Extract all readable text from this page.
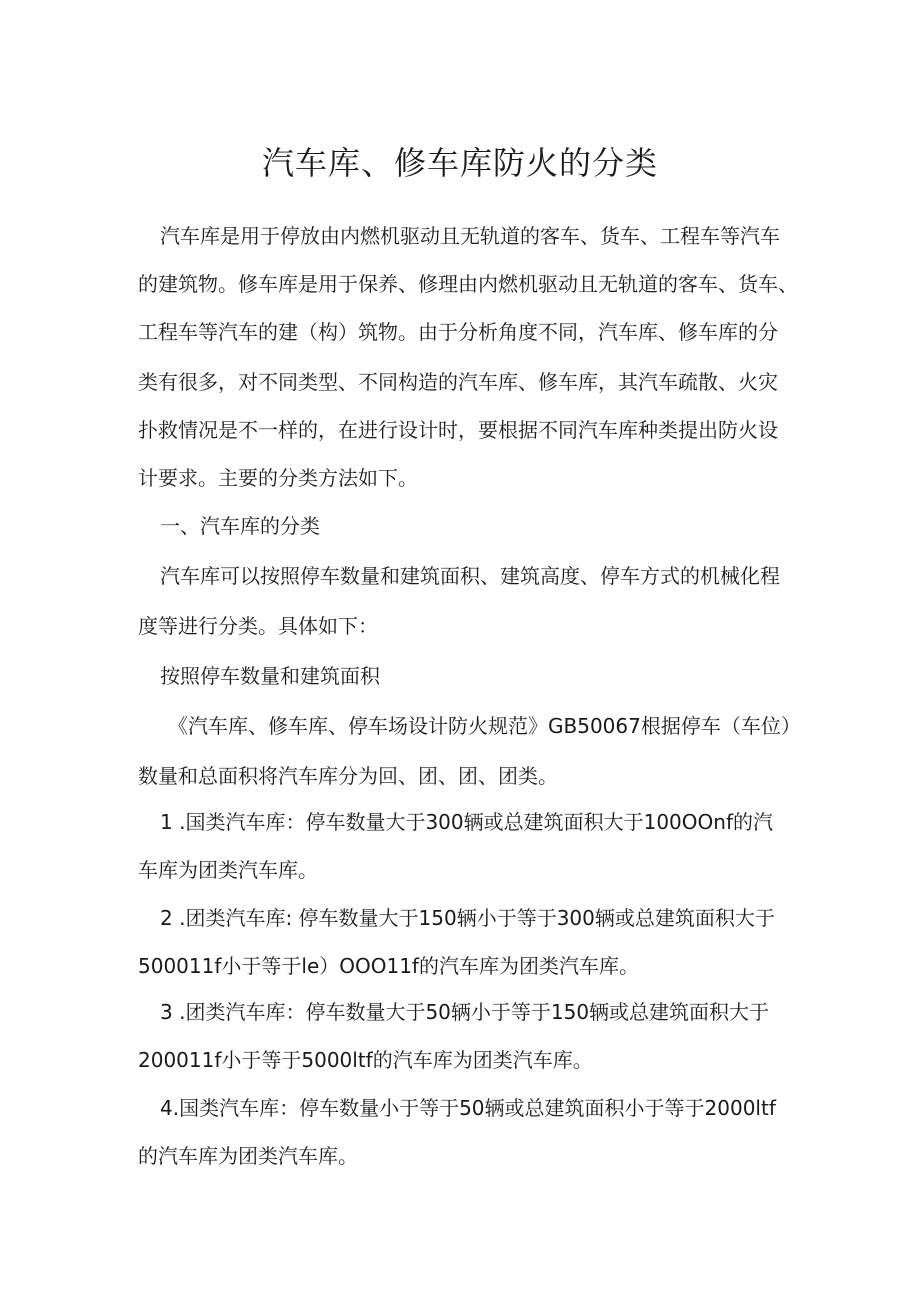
汽车库、修车库防火的分类

汽车库是用于停放由内燃机驱动且无轨道的客车、货车、工程车等汽车

的建筑物。修车库是用于保养、修理由内燃机驱动且无轨道的客车、货车、

工程车等汽车的建（构）筑物。由于分析角度不同，汽车库、修车库的分

类有很多，对不同类型、不同构造的汽车库、修车库，其汽车疏散、火灾

扑救情况是不一样的，在进行设计时，要根据不同汽车库种类提出防火设

计要求。主要的分类方法如下。

一、汽车库的分类

汽车库可以按照停车数量和建筑面积、建筑高度、停车方式的机械化程

度等进行分类。具体如下：

按照停车数量和建筑面积

《汽车库、修车库、停车场设计防火规范》GB50067根据停车（车位）

数量和总面积将汽车库分为回、团、团、团类。

1 .国类汽车库：停车数量大于300辆或总建筑面积大于100OOnf的汽

车库为团类汽车库。

2 .团类汽车库: 停车数量大于150辆小于等于300辆或总建筑面积大于

500011f小于等于le）OOO11f的汽车库为团类汽车库。

3 .团类汽车库：停车数量大于50辆小于等于150辆或总建筑面积大于

200011f小于等于5000ltf的汽车库为团类汽车库。

4.国类汽车库：停车数量小于等于50辆或总建筑面积小于等于2000ltf

的汽车库为团类汽车库。
